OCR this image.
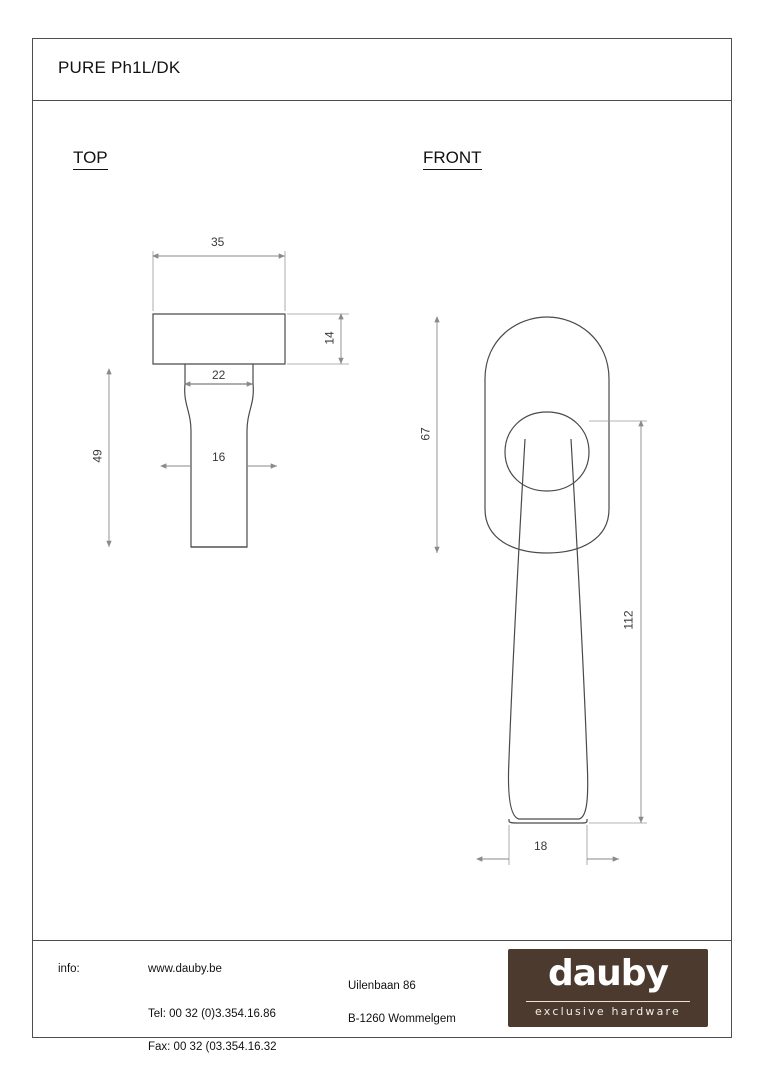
PURE Ph1L/DK
TOP	FRONT
35
22
16
14
49
67
112
18
info:	www.dauby.be

Tel: 00 32 (0)3.354.16.86

Fax: 00 32 (03.354.16.32

Uilenbaan 86

B-1260 Wommelgem

dauby
exclusive hardware
